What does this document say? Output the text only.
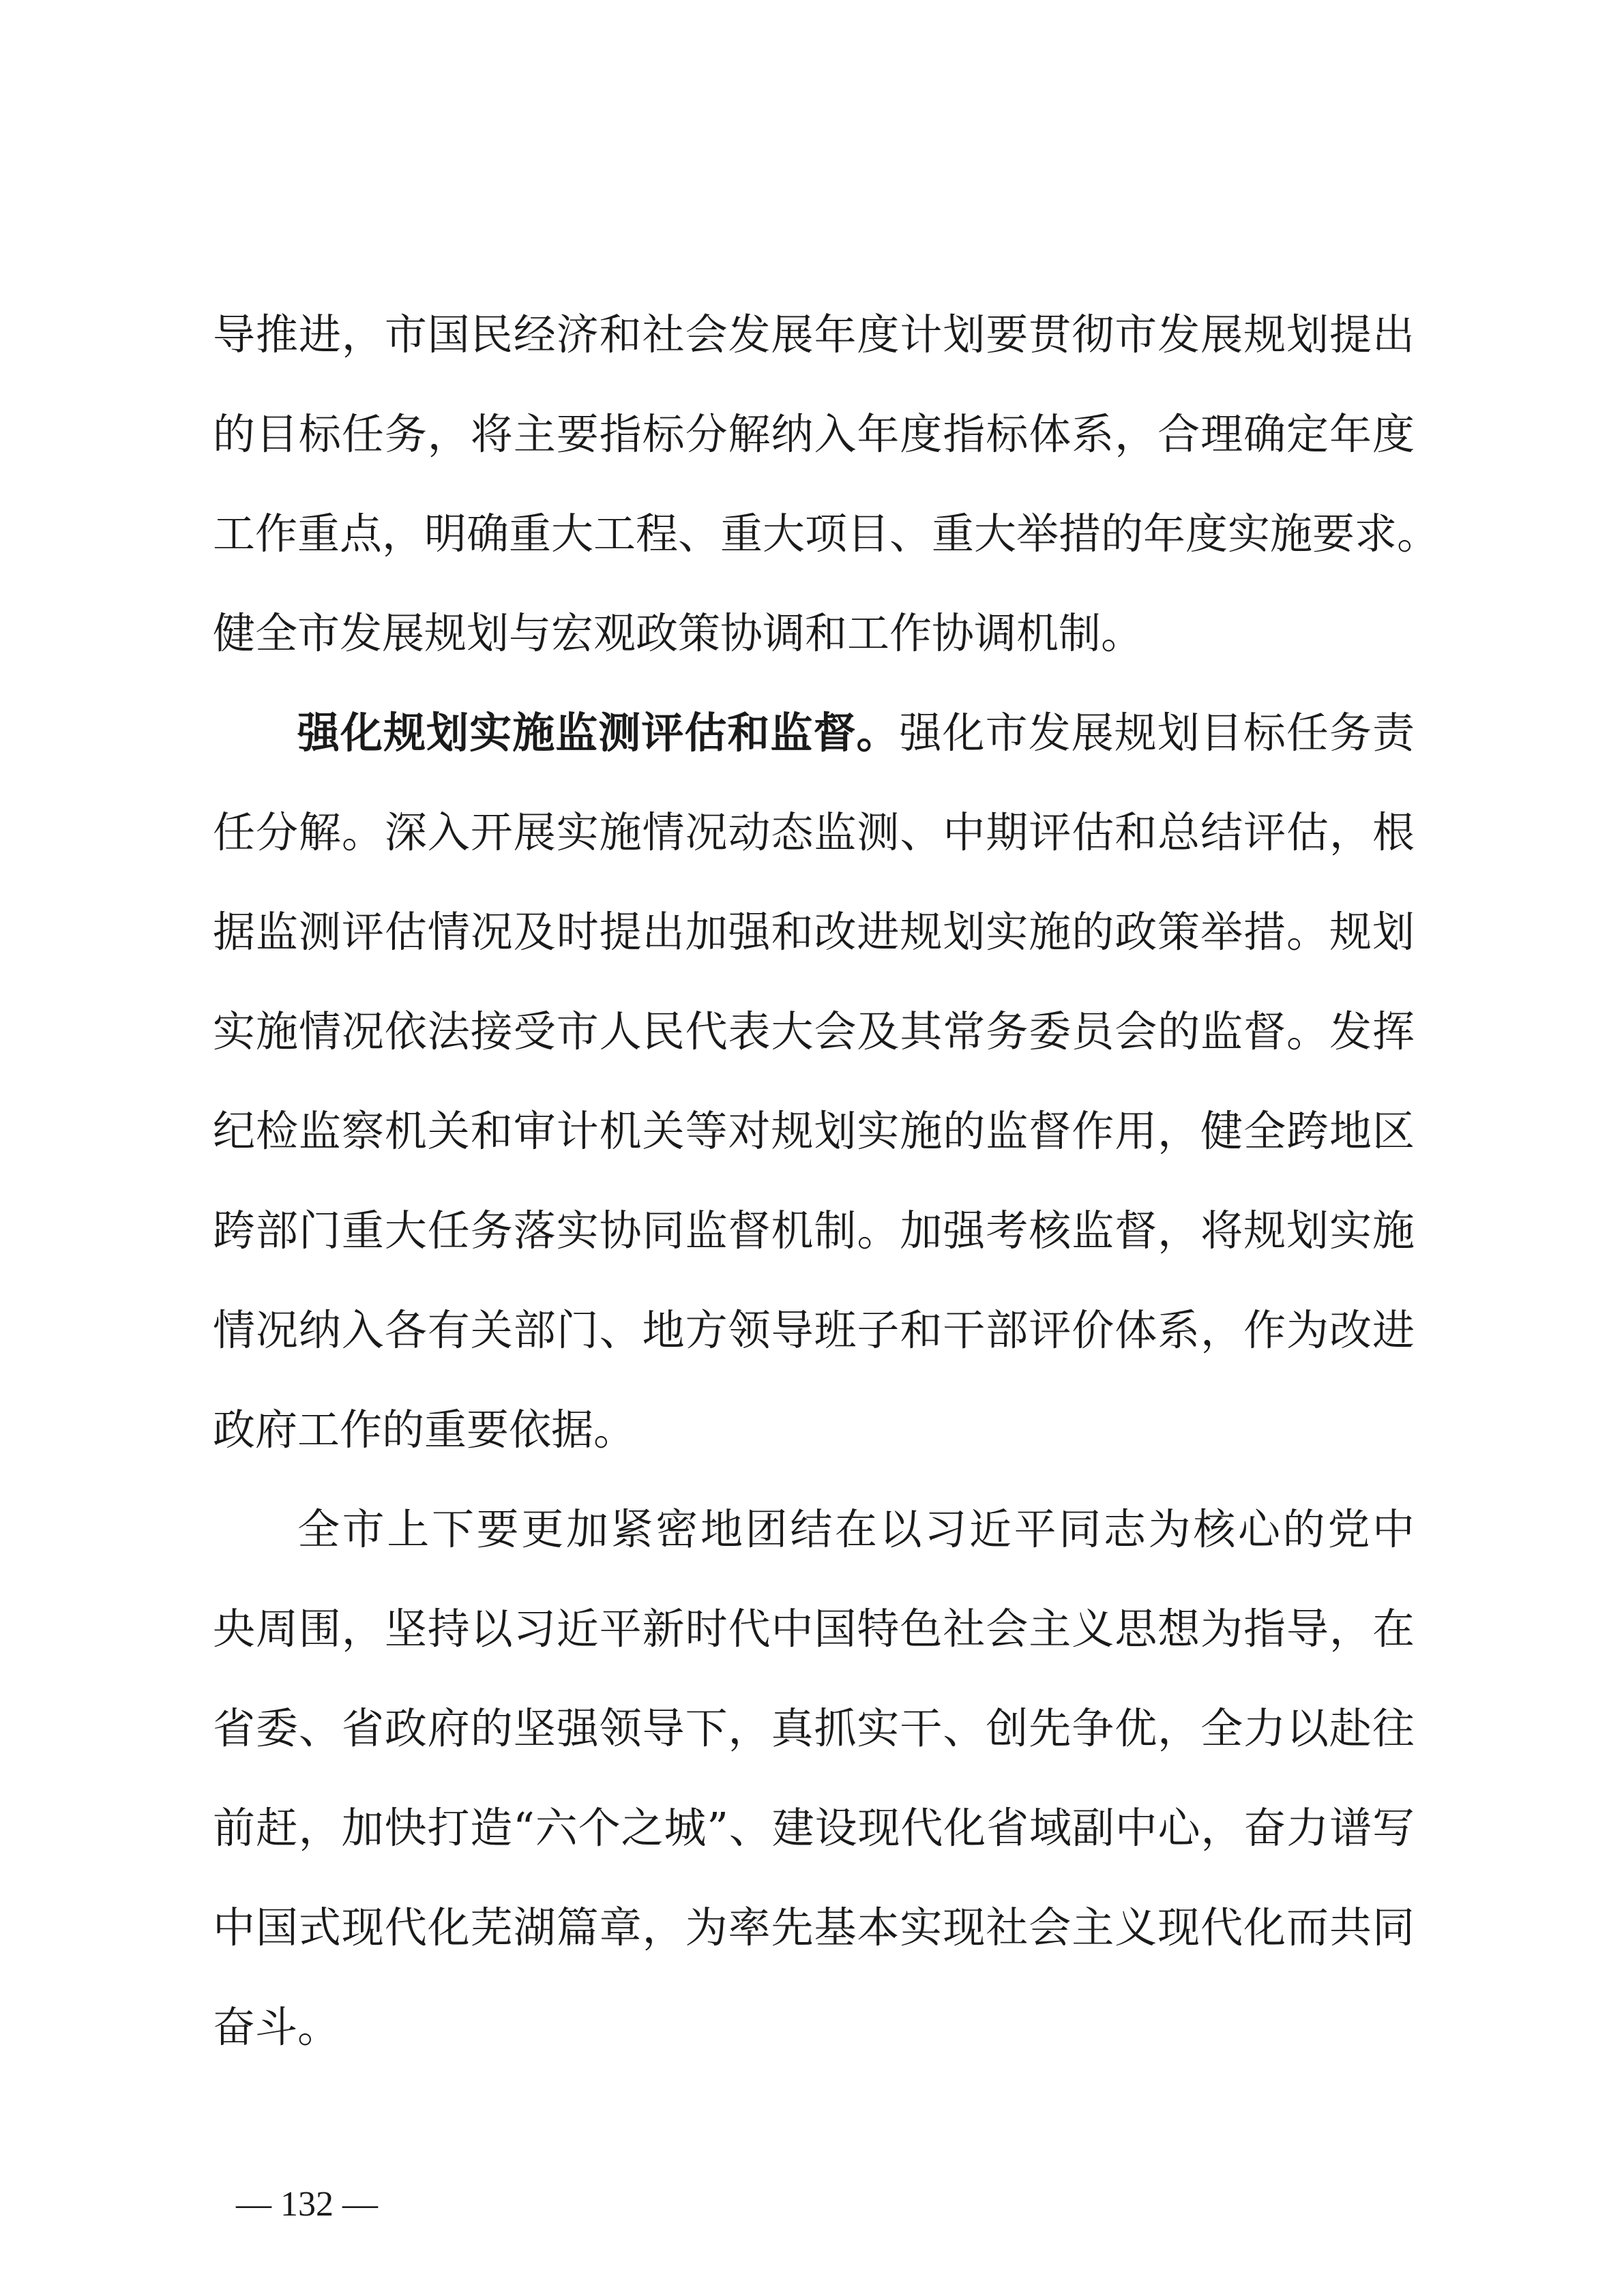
导推进，市国民经济和社会发展年度计划要贯彻市发展规划提出
的目标任务，将主要指标分解纳入年度指标体系，合理确定年度
工作重点，明确重大工程、重大项目、重大举措的年度实施要求。
健全市发展规划与宏观政策协调和工作协调机制。
强化规划实施监测评估和监督。强化市发展规划目标任务责
任分解。深入开展实施情况动态监测、中期评估和总结评估，根
据监测评估情况及时提出加强和改进规划实施的政策举措。规划
实施情况依法接受市人民代表大会及其常务委员会的监督。发挥
纪检监察机关和审计机关等对规划实施的监督作用，健全跨地区
跨部门重大任务落实协同监督机制。加强考核监督，将规划实施
情况纳入各有关部门、地方领导班子和干部评价体系，作为改进
政府工作的重要依据。
全市上下要更加紧密地团结在以习近平同志为核心的党中
央周围，坚持以习近平新时代中国特色社会主义思想为指导，在
省委、省政府的坚强领导下，真抓实干、创先争优，全力以赴往
前赶，加快打造“六个之城”、建设现代化省域副中心，奋力谱写
中国式现代化芜湖篇章，为率先基本实现社会主义现代化而共同
奋斗。
— 132 —
